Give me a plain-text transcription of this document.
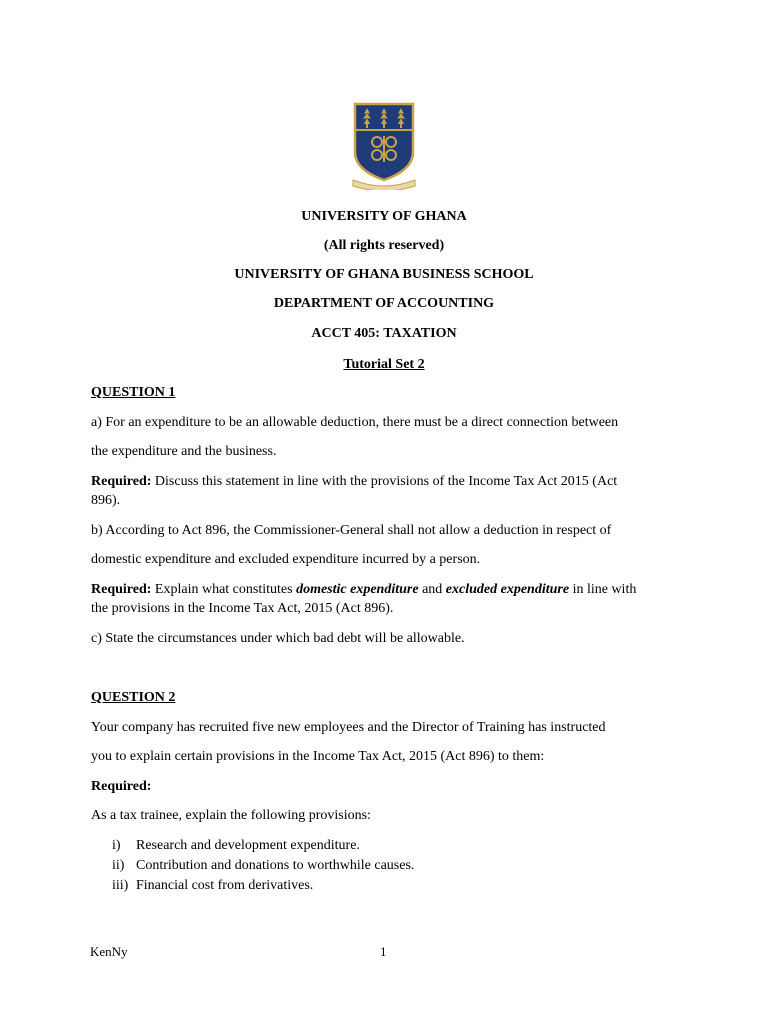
UNIVERSITY OF GHANA
(All rights reserved)
UNIVERSITY OF GHANA BUSINESS SCHOOL
DEPARTMENT OF ACCOUNTING
ACCT 405: TAXATION
Tutorial Set 2
QUESTION 1
a) For an expenditure to be an allowable deduction, there must be a direct connection between
the expenditure and the business.
Required: Discuss this statement in line with the provisions of the Income Tax Act 2015 (Act
896).
b) According to Act 896, the Commissioner-General shall not allow a deduction in respect of
domestic expenditure and excluded expenditure incurred by a person.
Required: Explain what constitutes domestic expenditure and excluded expenditure in line with
the provisions in the Income Tax Act, 2015 (Act 896).
c) State the circumstances under which bad debt will be allowable.
QUESTION 2
Your company has recruited five new employees and the Director of Training has instructed
you to explain certain provisions in the Income Tax Act, 2015 (Act 896) to them:
Required:
As a tax trainee, explain the following provisions:
i)	Research and development expenditure.
ii) Contribution and donations to worthwhile causes.
iii) Financial cost from derivatives.
KenNy	1
